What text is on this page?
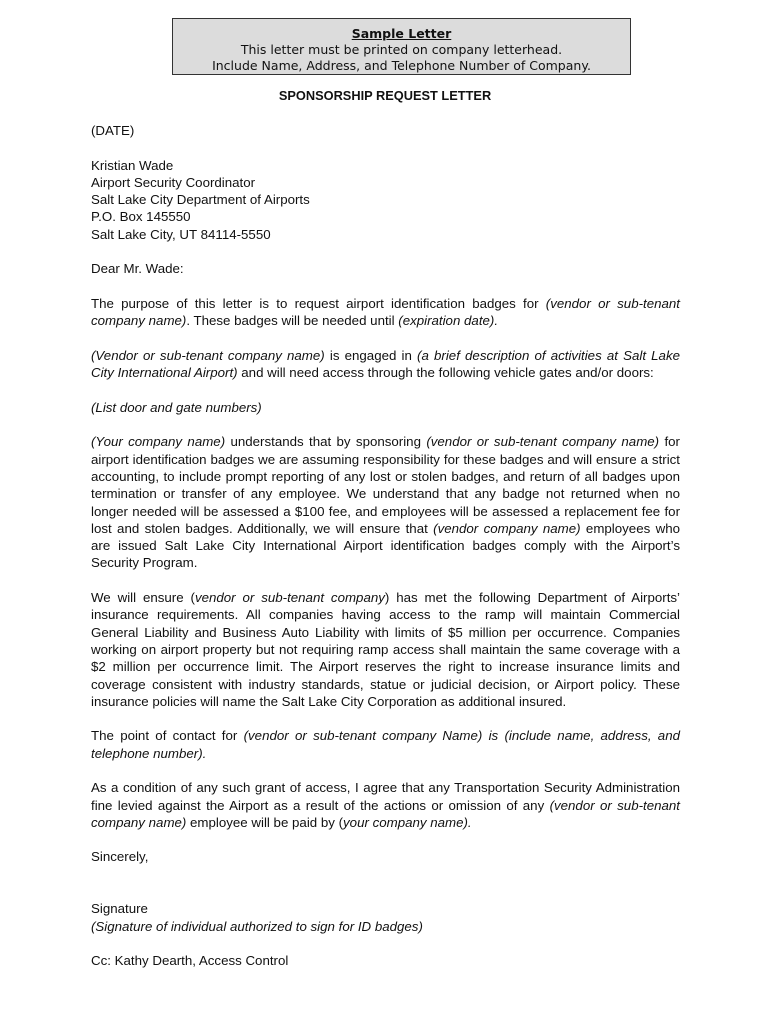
Sample Letter
This letter must be printed on company letterhead.
Include Name, Address, and Telephone Number of Company.
SPONSORSHIP REQUEST LETTER

(DATE)

Kristian Wade
Airport Security Coordinator
Salt Lake City Department of Airports
P.O. Box 145550
Salt Lake City, UT 84114-5550

Dear Mr. Wade:

The purpose of this letter is to request airport identification badges for (vendor or sub-tenant company name). These badges will be needed until (expiration date).

(Vendor or sub-tenant company name) is engaged in (a brief description of activities at Salt Lake City International Airport) and will need access through the following vehicle gates and/or doors:

(List door and gate numbers)

(Your company name) understands that by sponsoring (vendor or sub-tenant company name) for airport identification badges we are assuming responsibility for these badges and will ensure a strict accounting, to include prompt reporting of any lost or stolen badges, and return of all badges upon termination or transfer of any employee. We understand that any badge not returned when no longer needed will be assessed a $100 fee, and employees will be assessed a replacement fee for lost and stolen badges. Additionally, we will ensure that (vendor company name) employees who are issued Salt Lake City International Airport identification badges comply with the Airport’s Security Program.

We will ensure (vendor or sub-tenant company) has met the following Department of Airports’ insurance requirements. All companies having access to the ramp will maintain Commercial General Liability and Business Auto Liability with limits of $5 million per occurrence. Companies working on airport property but not requiring ramp access shall maintain the same coverage with a $2 million per occurrence limit. The Airport reserves the right to increase insurance limits and coverage consistent with industry standards, statue or judicial decision, or Airport policy. These insurance policies will name the Salt Lake City Corporation as additional insured.

The point of contact for (vendor or sub-tenant company Name) is (include name, address, and telephone number).

As a condition of any such grant of access, I agree that any Transportation Security Administration fine levied against the Airport as a result of the actions or omission of any (vendor or sub-tenant company name) employee will be paid by (your company name).

Sincerely,

Signature
(Signature of individual authorized to sign for ID badges)

Cc: Kathy Dearth, Access Control
